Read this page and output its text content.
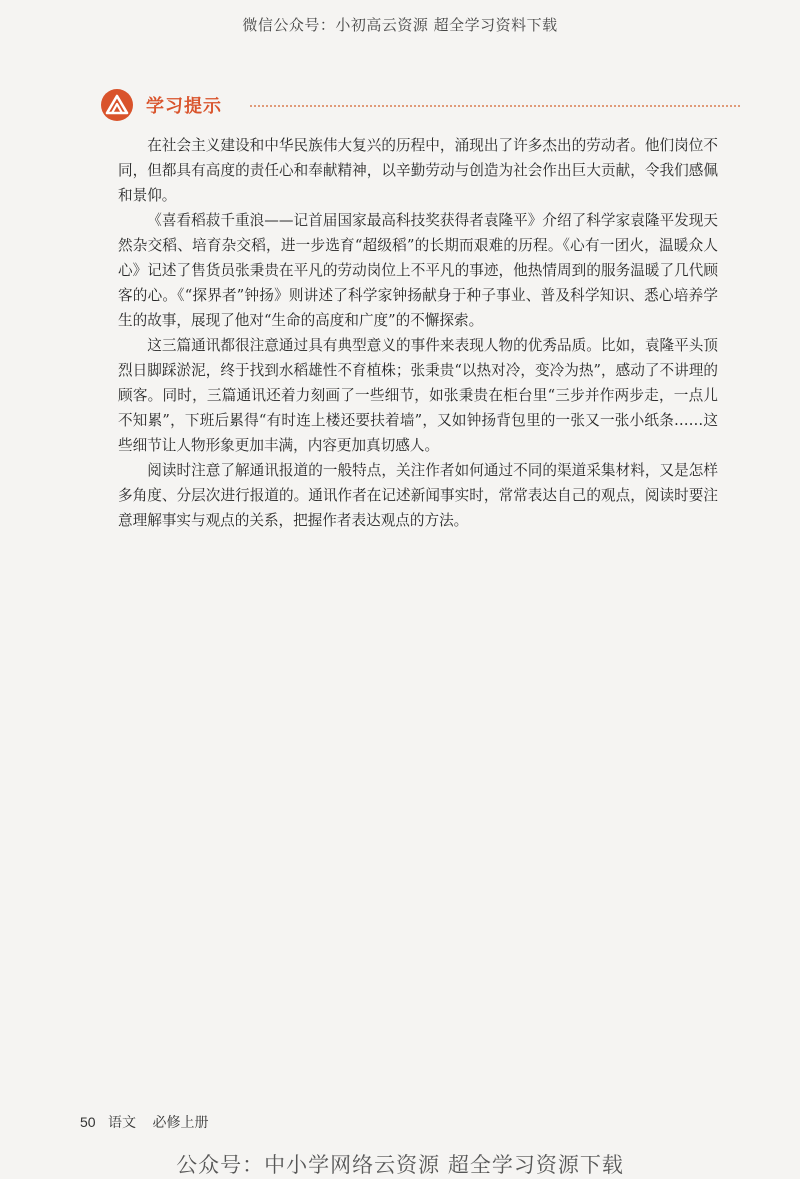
微信公众号：小初高云资源 超全学习资料下载
学习提示

在社会主义建设和中华民族伟大复兴的历程中，涌现出了许多杰出的劳动者。他们岗位不同，但都具有高度的责任心和奉献精神，以辛勤劳动与创造为社会作出巨大贡献，令我们感佩和景仰。

《喜看稻菽千重浪——记首届国家最高科技奖获得者袁隆平》介绍了科学家袁隆平发现天然杂交稻、培育杂交稻，进一步选育“超级稻”的长期而艰难的历程。《心有一团火，温暖众人心》记述了售货员张秉贵在平凡的劳动岗位上不平凡的事迹，他热情周到的服务温暖了几代顾客的心。《“探界者”钟扬》则讲述了科学家钟扬献身于种子事业、普及科学知识、悉心培养学生的故事，展现了他对“生命的高度和广度”的不懈探索。

这三篇通讯都很注意通过具有典型意义的事件来表现人物的优秀品质。比如，袁隆平头顶烈日脚踩淤泥，终于找到水稻雄性不育植株；张秉贵“以热对冷，变冷为热”，感动了不讲理的顾客。同时，三篇通讯还着力刻画了一些细节，如张秉贵在柜台里“三步并作两步走，一点儿不知累”，下班后累得“有时连上楼还要扶着墙”，又如钟扬背包里的一张又一张小纸条……这些细节让人物形象更加丰满，内容更加真切感人。

阅读时注意了解通讯报道的一般特点，关注作者如何通过不同的渠道采集材料，又是怎样多角度、分层次进行报道的。通讯作者在记述新闻事实时，常常表达自己的观点，阅读时要注意理解事实与观点的关系，把握作者表达观点的方法。

50 语文 必修上册
公众号：中小学网络云资源 超全学习资源下载
